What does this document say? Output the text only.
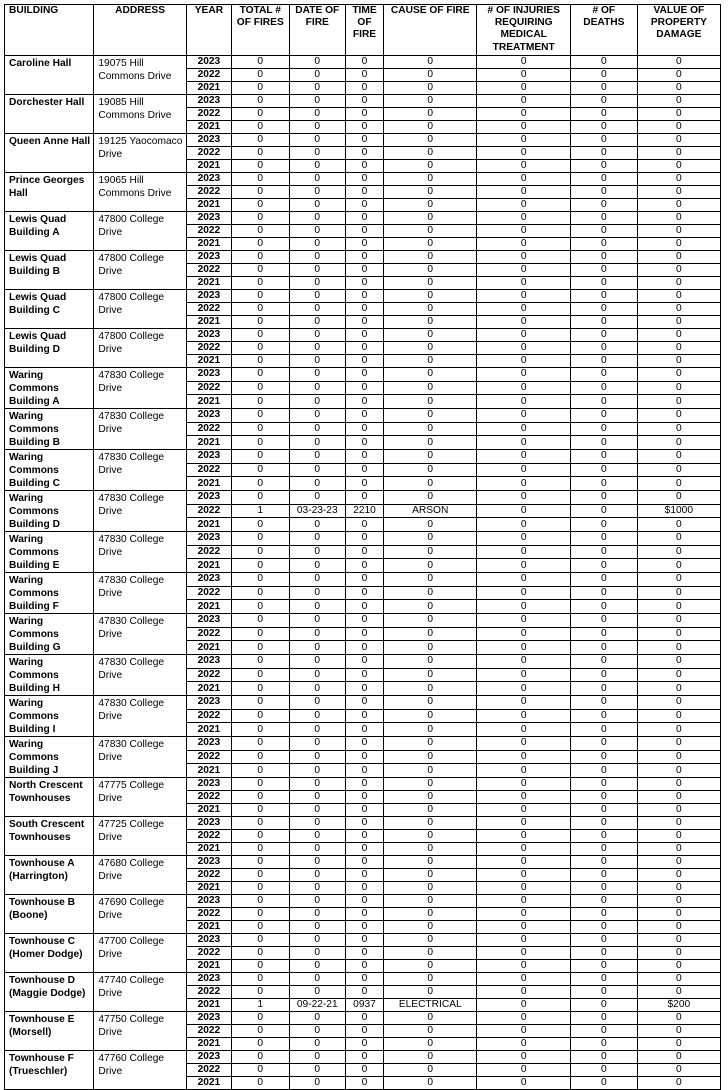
BUILDING	ADDRESS	YEAR	TOTAL # OF FIRES	DATE OF FIRE	TIME OF FIRE	CAUSE OF FIRE	# OF INJURIES REQUIRING MEDICAL TREATMENT	# OF DEATHS	VALUE OF PROPERTY DAMAGE
Caroline Hall	19075 Hill Commons Drive	2023	0	0	0	0	0	0	0
		2022	0	0	0	0	0	0	0
		2021	0	0	0	0	0	0	0
Dorchester Hall	19085 Hill Commons Drive	2023	0	0	0	0	0	0	0
		2022	0	0	0	0	0	0	0
		2021	0	0	0	0	0	0	0
Queen Anne Hall	19125 Yaocomaco Drive	2023	0	0	0	0	0	0	0
		2022	0	0	0	0	0	0	0
		2021	0	0	0	0	0	0	0
Prince Georges Hall	19065 Hill Commons Drive	2023	0	0	0	0	0	0	0
		2022	0	0	0	0	0	0	0
		2021	0	0	0	0	0	0	0
Lewis Quad Building A	47800 College Drive	2023	0	0	0	0	0	0	0
		2022	0	0	0	0	0	0	0
		2021	0	0	0	0	0	0	0
Lewis Quad Building B	47800 College Drive	2023	0	0	0	0	0	0	0
		2022	0	0	0	0	0	0	0
		2021	0	0	0	0	0	0	0
Lewis Quad Building C	47800 College Drive	2023	0	0	0	0	0	0	0
		2022	0	0	0	0	0	0	0
		2021	0	0	0	0	0	0	0
Lewis Quad Building D	47800 College Drive	2023	0	0	0	0	0	0	0
		2022	0	0	0	0	0	0	0
		2021	0	0	0	0	0	0	0
Waring Commons Building A	47830 College Drive	2023	0	0	0	0	0	0	0
		2022	0	0	0	0	0	0	0
		2021	0	0	0	0	0	0	0
Waring Commons Building B	47830 College Drive	2023	0	0	0	0	0	0	0
		2022	0	0	0	0	0	0	0
		2021	0	0	0	0	0	0	0
Waring Commons Building C	47830 College Drive	2023	0	0	0	0	0	0	0
		2022	0	0	0	0	0	0	0
		2021	0	0	0	0	0	0	0
Waring Commons Building D	47830 College Drive	2023	0	0	0	0	0	0	0
		2022	1	03-23-23	2210	ARSON	0	0	$1000
		2021	0	0	0	0	0	0	0
Waring Commons Building E	47830 College Drive	2023	0	0	0	0	0	0	0
		2022	0	0	0	0	0	0	0
		2021	0	0	0	0	0	0	0
Waring Commons Building F	47830 College Drive	2023	0	0	0	0	0	0	0
		2022	0	0	0	0	0	0	0
		2021	0	0	0	0	0	0	0
Waring Commons Building G	47830 College Drive	2023	0	0	0	0	0	0	0
		2022	0	0	0	0	0	0	0
		2021	0	0	0	0	0	0	0
Waring Commons Building H	47830 College Drive	2023	0	0	0	0	0	0	0
		2022	0	0	0	0	0	0	0
		2021	0	0	0	0	0	0	0
Waring Commons Building I	47830 College Drive	2023	0	0	0	0	0	0	0
		2022	0	0	0	0	0	0	0
		2021	0	0	0	0	0	0	0
Waring Commons Building J	47830 College Drive	2023	0	0	0	0	0	0	0
		2022	0	0	0	0	0	0	0
		2021	0	0	0	0	0	0	0
North Crescent Townhouses	47775 College Drive	2023	0	0	0	0	0	0	0
		2022	0	0	0	0	0	0	0
		2021	0	0	0	0	0	0	0
South Crescent Townhouses	47725 College Drive	2023	0	0	0	0	0	0	0
		2022	0	0	0	0	0	0	0
		2021	0	0	0	0	0	0	0
Townhouse A (Harrington)	47680 College Drive	2023	0	0	0	0	0	0	0
		2022	0	0	0	0	0	0	0
		2021	0	0	0	0	0	0	0
Townhouse B (Boone)	47690 College Drive	2023	0	0	0	0	0	0	0
		2022	0	0	0	0	0	0	0
		2021	0	0	0	0	0	0	0
Townhouse C (Homer Dodge)	47700 College Drive	2023	0	0	0	0	0	0	0
		2022	0	0	0	0	0	0	0
		2021	0	0	0	0	0	0	0
Townhouse D (Maggie Dodge)	47740 College Drive	2023	0	0	0	0	0	0	0
		2022	0	0	0	0	0	0	0
		2021	1	09-22-21	0937	ELECTRICAL	0	0	$200
Townhouse E (Morsell)	47750 College Drive	2023	0	0	0	0	0	0	0
		2022	0	0	0	0	0	0	0
		2021	0	0	0	0	0	0	0
Townhouse F (Trueschler)	47760 College Drive	2023	0	0	0	0	0	0	0
		2022	0	0	0	0	0	0	0
		2021	0	0	0	0	0	0	0
